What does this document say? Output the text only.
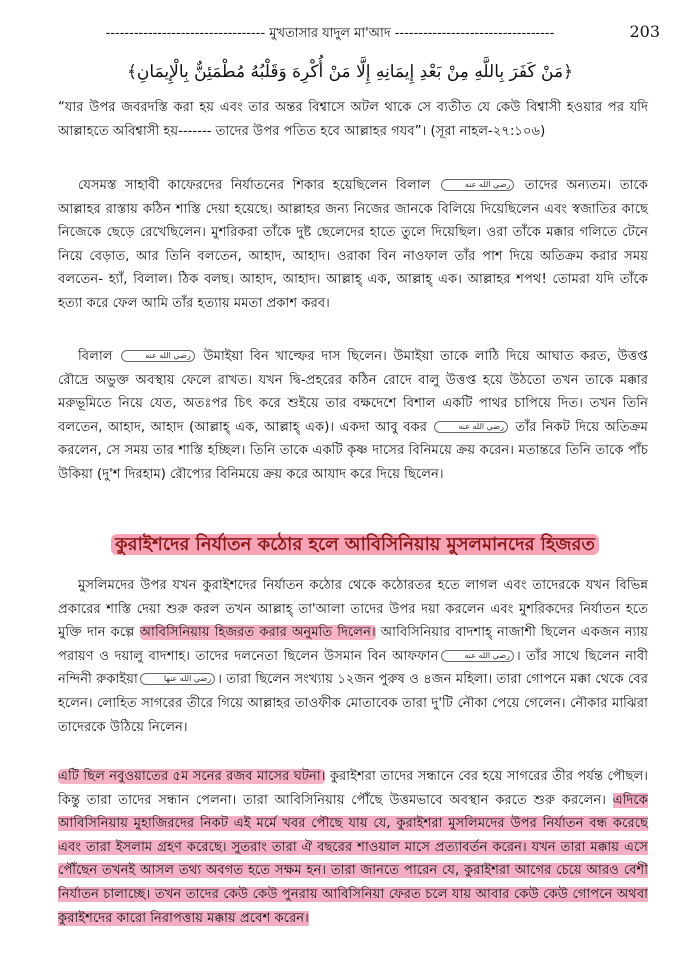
---------------------------------- মুখতাসার যাদুল মা'আদ ----------------------------------	203
﴿مَنْ كَفَرَ بِاللَّهِ مِنْ بَعْدِ إِيمَانِهِ إِلَّا مَنْ أُكْرِهَ وَقَلْبُهُ مُطْمَئِنٌّ بِالْإِيمَانِ﴾
“যার উপর জবরদস্তি করা হয় এবং তার অন্তর বিশ্বাসে অটল থাকে সে ব্যতীত যে কেউ বিশ্বাসী হওয়ার পর যদি আল্লাহতে অবিশ্বাসী হয়------- তাদের উপর পতিত হবে আল্লাহর গযব”। (সূরা নাহল-২৭:১০৬)
যেসমস্ত সাহাবী কাফেরদের নির্যাতনের শিকার হয়েছিলেন বিলাল	رضي الله عنه তাদের অন্যতম। তাকে আল্লাহর রাস্তায় কঠিন শাস্তি দেয়া হয়েছে। আল্লাহর জন্য নিজের জানকে বিলিয়ে দিয়েছিলেন এবং স্বজাতির কাছে নিজেকে ছেড়ে রেখেছিলেন। মুশরিকরা তাঁকে দুষ্ট ছেলেদের হাতে তুলে দিয়েছিল। ওরা তাঁকে মক্কার গলিতে টেনে নিয়ে বেড়াত, আর তিনি বলতেন, আহাদ, আহাদ। ওরাকা বিন নাওফাল তাঁর পাশ দিয়ে অতিক্রম করার সময় বলতেন- হ্যাঁ, বিলাল। ঠিক বলছ। আহাদ, আহাদ। আল্লাহ্ এক, আল্লাহ্ এক। আল্লাহর শপথ! তোমরা যদি তাঁকে হত্যা করে ফেল আমি তাঁর হত্যায় মমতা প্রকাশ করব।
বিলাল	رضي الله عنه উমাইয়া বিন খাল্ফের দাস ছিলেন। উমাইয়া তাকে লাঠি দিয়ে আঘাত করত, উত্তপ্ত রৌদ্রে অভুক্ত অবস্থায় ফেলে রাখত। যখন দ্বি-প্রহরের কঠিন রোদে বালু উত্তপ্ত হয়ে উঠতো তখন তাকে মক্কার মরুভূমিতে নিয়ে যেত, অতঃপর চিৎ করে শুইয়ে তার বক্ষদেশে বিশাল একটি পাথর চাপিয়ে দিত। তখন তিনি বলতেন, আহাদ, আহাদ (আল্লাহ্ এক, আল্লাহ্ এক)। একদা আবু বকর	رضي الله عنه তাঁর নিকট দিয়ে অতিক্রম করলেন, সে সময় তার শাস্তি হচ্ছিল। তিনি তাকে একটি কৃষ্ণ দাসের বিনিময়ে ক্রয় করেন। মতান্তরে তিনি তাকে পাঁচ উকিয়া (দু'শ দিরহাম) রৌপ্যের বিনিময়ে ক্রয় করে আযাদ করে দিয়ে ছিলেন।
কুরাইশদের নির্যাতন কঠোর হলে আবিসিনিয়ায় মুসলমানদের হিজরত
মুসলিমদের উপর যখন কুরাইশদের নির্যাতন কঠোর থেকে কঠোরতর হতে লাগল এবং তাদেরকে যখন বিভিন্ন প্রকারের শাস্তি দেয়া শুরু করল তখন আল্লাহ্ তা'আলা তাদের উপর দয়া করলেন এবং মুশরিকদের নির্যাতন হতে মুক্তি দান কল্পে আবিসিনিয়ায় হিজরত করার অনুমতি দিলেন। আবিসিনিয়ার বাদশাহ্ নাজাশী ছিলেন একজন ন্যায় পরায়ণ ও দয়ালু বাদশাহ। তাদের দলনেতা ছিলেন উসমান বিন আফফান	رضي الله عنه । তাঁর সাথে ছিলেন নাবী নন্দিনী রুকাইয়া	رضي الله عنها । তারা ছিলেন সংখ্যায় ১২জন পুরুষ ও ৪জন মহিলা। তারা গোপনে মক্কা থেকে বের হলেন। লোহিত সাগরের তীরে গিয়ে আল্লাহর তাওফীক মোতাবেক তারা দু'টি নৌকা পেয়ে গেলেন। নৌকার মাঝিরা তাদেরকে উঠিয়ে নিলেন।
এটি ছিল নবুওয়াতের ৫ম সনের রজব মাসের ঘটনা। কুরাইশরা তাদের সন্ধানে বের হয়ে সাগরের তীর পর্যন্ত পৌছল। কিন্তু তারা তাদের সন্ধান পেলনা। তারা আবিসিনিয়ায় পৌঁছে উত্তমভাবে অবস্থান করতে শুরু করলেন। এদিকে আবিসিনিয়ায় মুহাজিরদের নিকট এই মর্মে খবর পৌছে যায় যে, কুরাইশরা মুসলিমদের উপর নির্যাতন বন্ধ করেছে এবং তারা ইসলাম গ্রহণ করেছে। সুতরাং তারা ঐ বছরের শাওয়াল মাসে প্রত্যাবর্তন করেন। যখন তারা মক্কায় এসে পৌঁছেন তখনই আসল তথ্য অবগত হতে সক্ষম হন। তারা জানতে পারেন যে, কুরাইশরা আগের চেয়ে আরও বেশী নির্যাতন চালাচ্ছে। তখন তাদের কেউ কেউ পুনরায় আবিসিনিয়া ফেরত চলে যায় আবার কেউ কেউ গোপনে অথবা কুরাইশদের কারো নিরাপত্তায় মক্কায় প্রবেশ করেন।
